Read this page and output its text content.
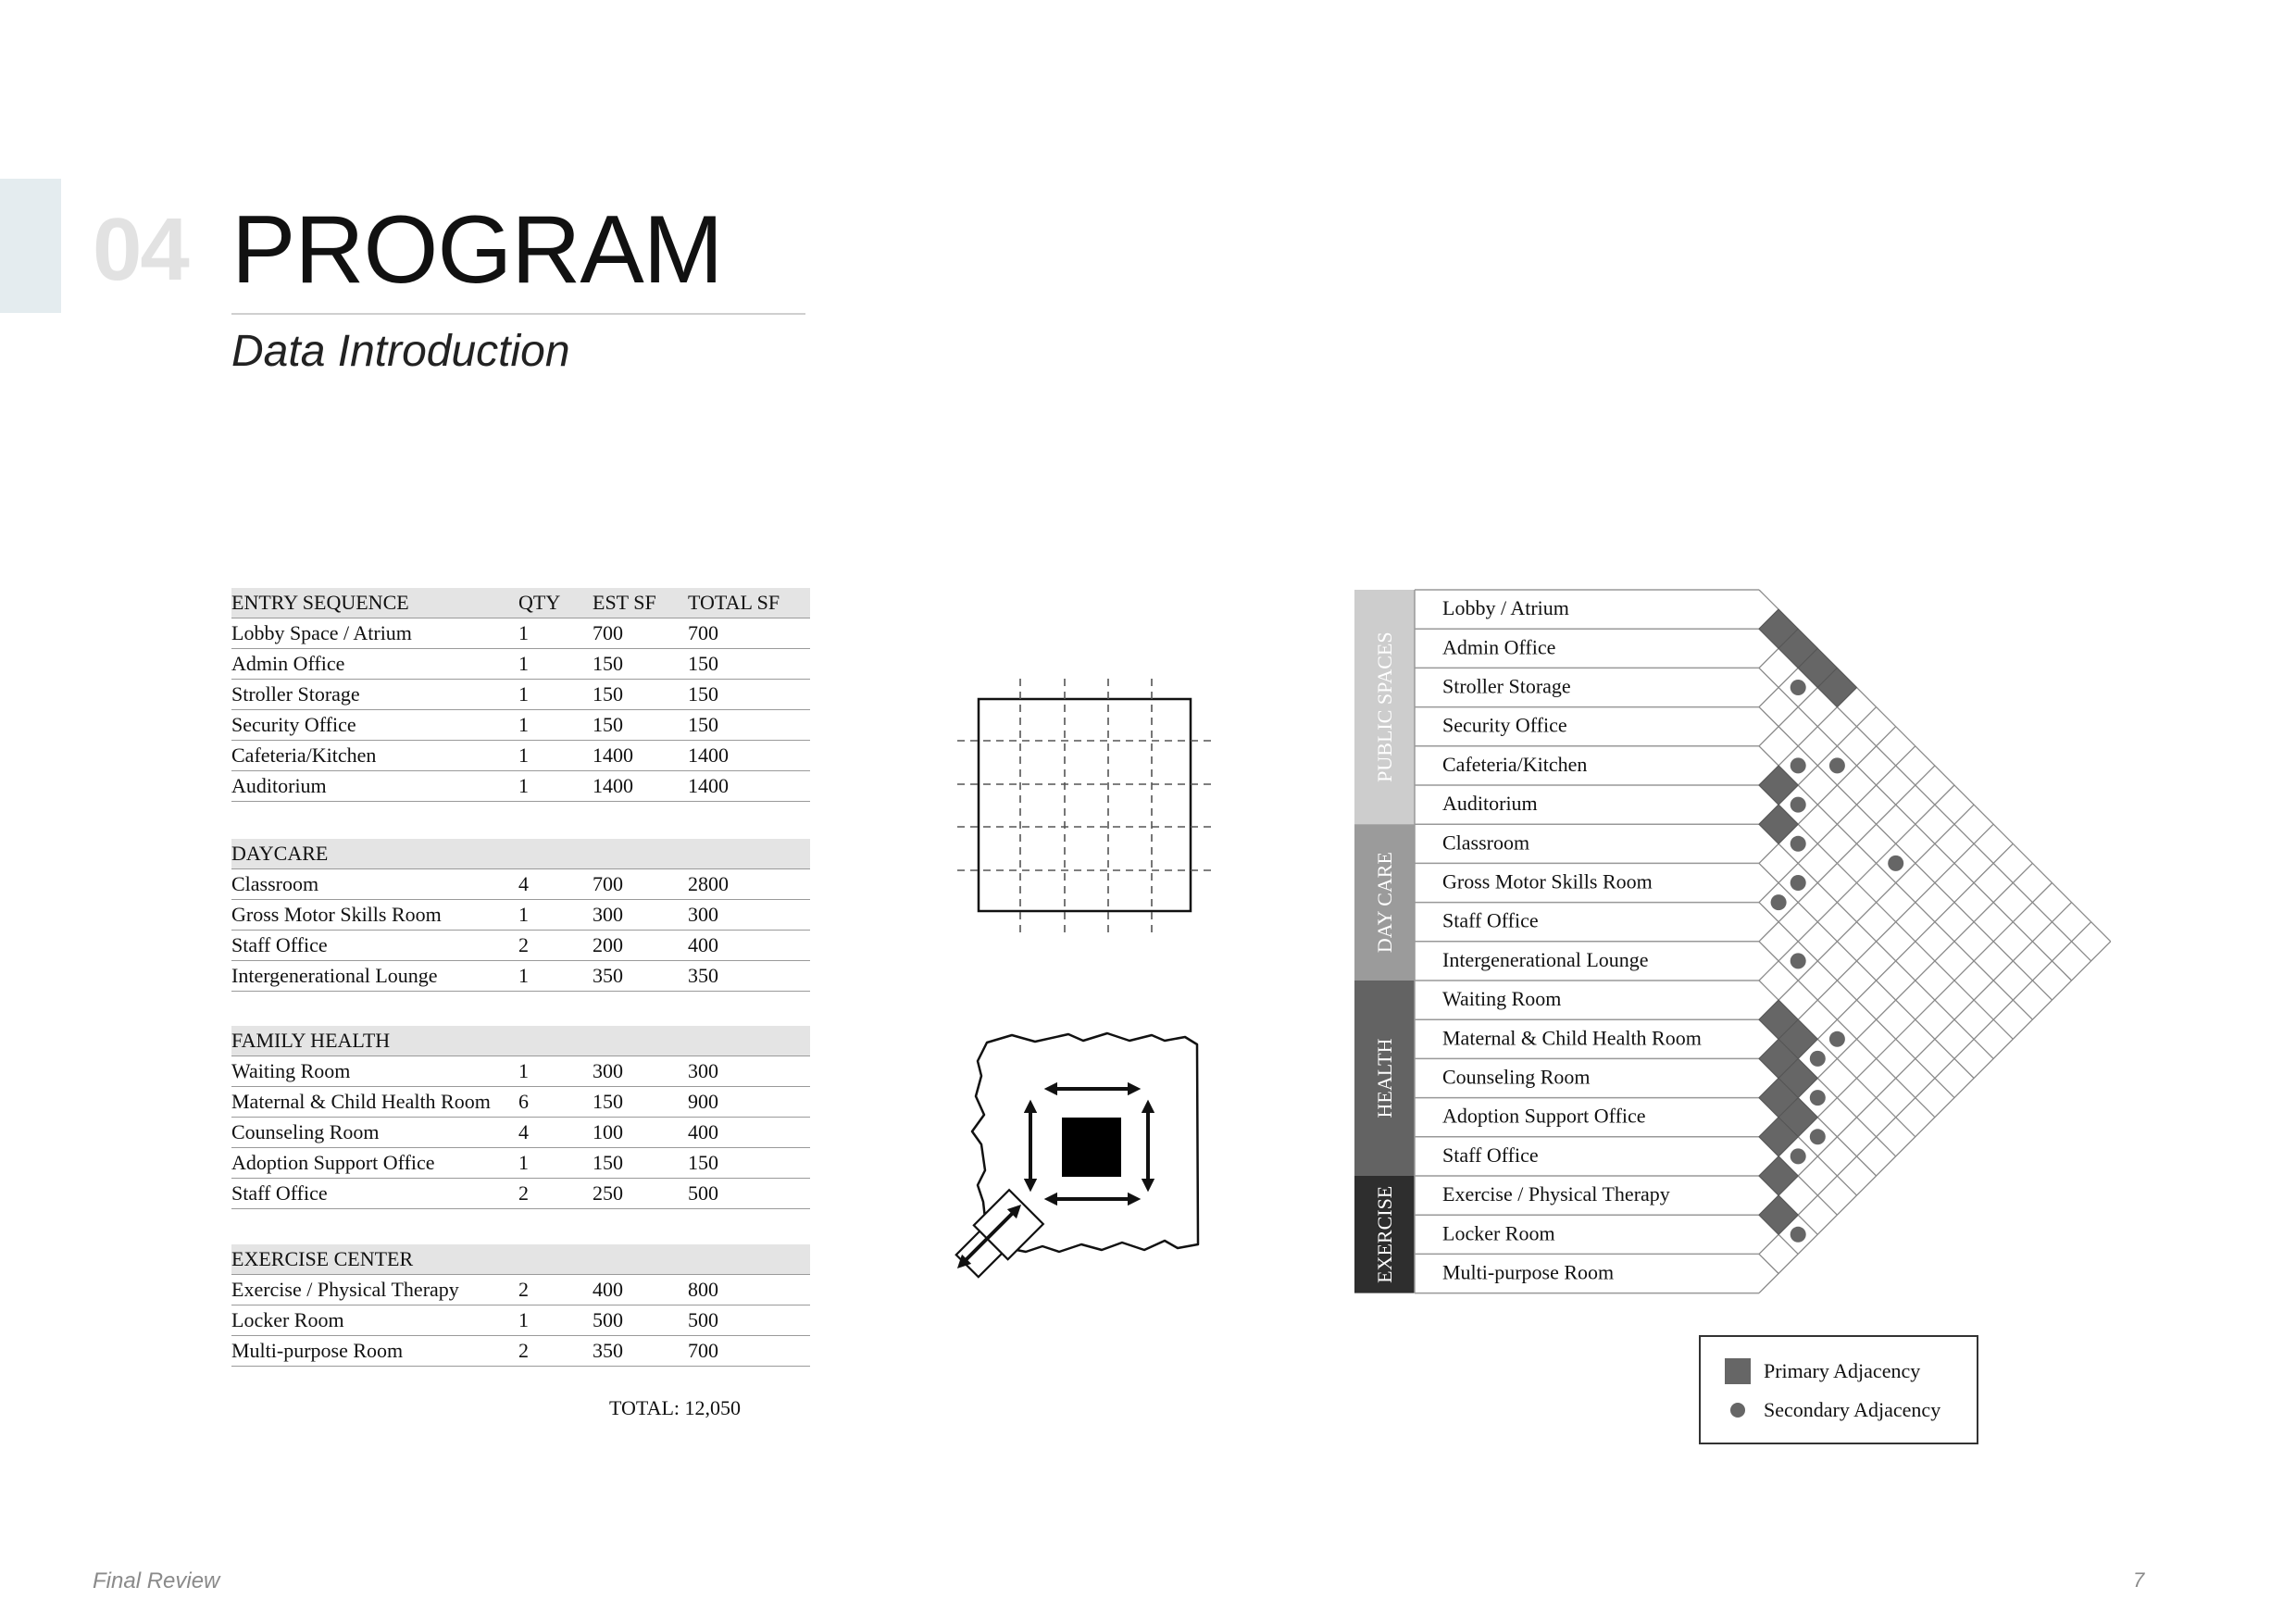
04 PROGRAM
Data Introduction
ENTRY SEQUENCE	QTY	EST SF	TOTAL SF
Lobby Space / Atrium	1	700	700
Admin Office	1	150	150
Stroller Storage	1	150	150
Security Office	1	150	150
Cafeteria/Kitchen	1	1400	1400
Auditorium	1	1400	1400
DAYCARE			
Classroom	4	700	2800
Gross Motor Skills Room	1	300	300
Staff Office	2	200	400
Intergenerational Lounge	1	350	350
FAMILY HEALTH			
Waiting Room	1	300	300
Maternal & Child Health Room	6	150	900
Counseling Room	4	100	400
Adoption Support Office	1	150	150
Staff Office	2	250	500
EXERCISE CENTER			
Exercise / Physical Therapy	2	400	800
Locker Room	1	500	500
Multi-purpose Room	2	350	700
TOTAL: 12,050
PUBLIC SPACES
DAY CARE
HEALTH
EXERCISE
Lobby / Atrium
Admin Office
Stroller Storage
Security Office
Cafeteria/Kitchen
Auditorium
Classroom
Gross Motor Skills Room
Staff Office
Intergenerational Lounge
Waiting Room
Maternal & Child Health Room
Counseling Room
Adoption Support Office
Staff Office
Exercise / Physical Therapy
Locker Room
Multi-purpose Room
Primary Adjacency
Secondary Adjacency
Final Review	7
